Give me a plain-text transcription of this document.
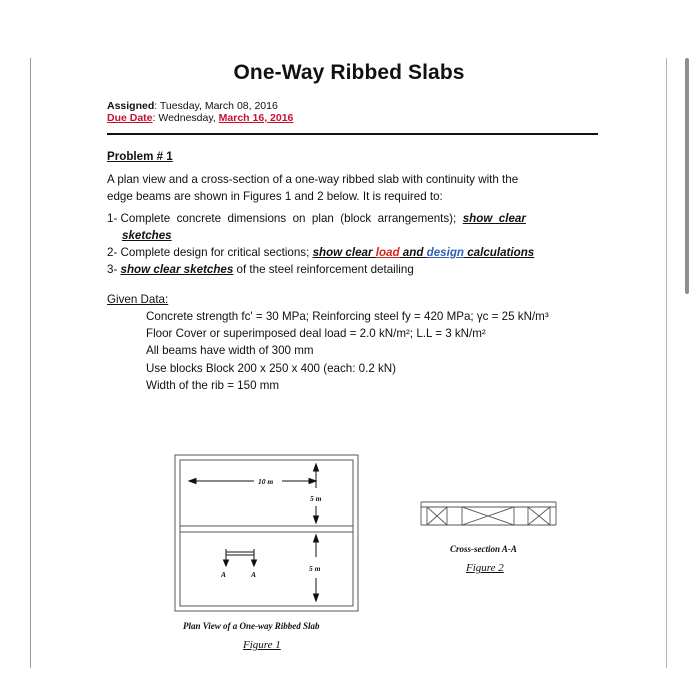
One-Way Ribbed Slabs
Assigned: Tuesday, March 08, 2016
Due Date: Wednesday, March 16, 2016
Problem # 1
A plan view and a cross-section of a one-way ribbed slab with continuity with the
edge beams are shown in Figures 1 and 2 below. It is required to:
1- Complete  concrete  dimensions  on  plan  (block  arrangements);  show  clear
sketches
2- Complete design for critical sections; show clear load and design calculations
3- show clear sketches of the steel reinforcement detailing
Given Data:
Concrete strength fc' = 30 MPa; Reinforcing steel fy = 420 MPa; γc = 25 kN/m³
Floor Cover or superimposed deal load = 2.0 kN/m²; L.L = 3 kN/m²
All beams have width of 300 mm
Use blocks Block 200 x 250 x 400 (each: 0.2 kN)
Width of the rib = 150 mm
10 m
5 m
5 m
A	A
Plan View of a One-way Ribbed Slab
Figure 1
Cross-section A-A
Figure 2
